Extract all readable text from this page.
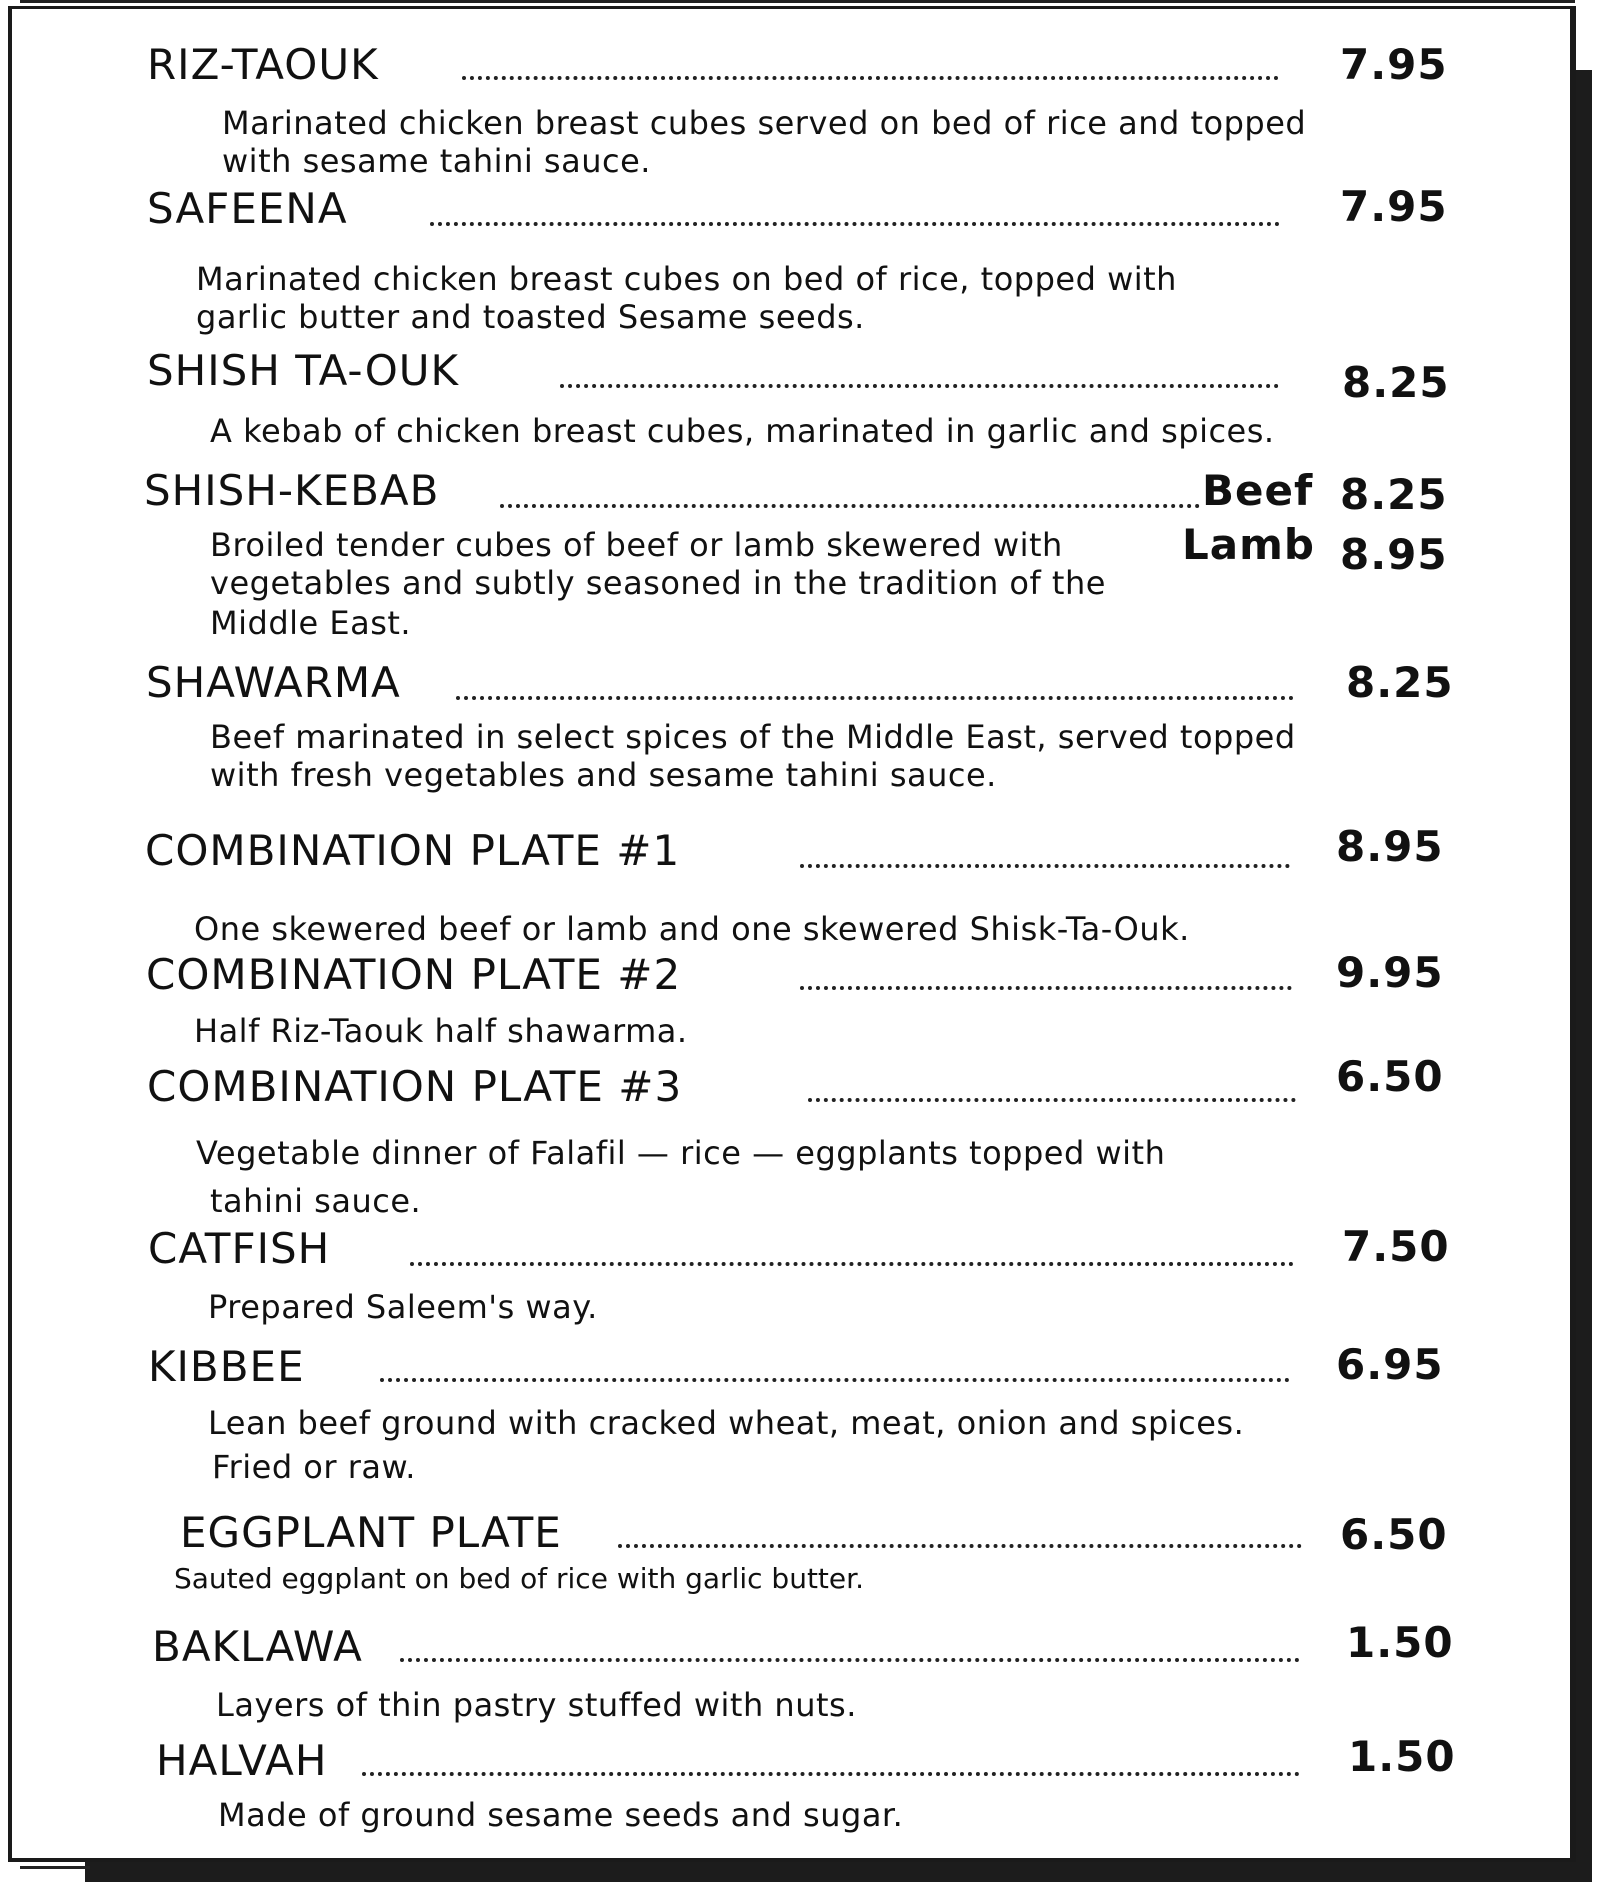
RIZ-TAOUK	7.95
Marinated chicken breast cubes served on bed of rice and topped
with sesame tahini sauce.
SAFEENA	7.95
Marinated chicken breast cubes on bed of rice, topped with
garlic butter and toasted Sesame seeds.
SHISH TA-OUK	8.25
A kebab of chicken breast cubes, marinated in garlic and spices.
SHISH-KEBAB	Beef 8.25
Lamb 8.95
Broiled tender cubes of beef or lamb skewered with
vegetables and subtly seasoned in the tradition of the
Middle East.
SHAWARMA	8.25
Beef marinated in select spices of the Middle East, served topped
with fresh vegetables and sesame tahini sauce.
COMBINATION PLATE #1	8.95
One skewered beef or lamb and one skewered Shisk-Ta-Ouk.
COMBINATION PLATE #2	9.95
Half Riz-Taouk half shawarma.
COMBINATION PLATE #3	6.50
Vegetable dinner of Falafil — rice — eggplants topped with
tahini sauce.
CATFISH	7.50
Prepared Saleem's way.
KIBBEE	6.95
Lean beef ground with cracked wheat, meat, onion and spices.
Fried or raw.
EGGPLANT PLATE	6.50
Sauted eggplant on bed of rice with garlic butter.
BAKLAWA	1.50
Layers of thin pastry stuffed with nuts.
HALVAH	1.50
Made of ground sesame seeds and sugar.
